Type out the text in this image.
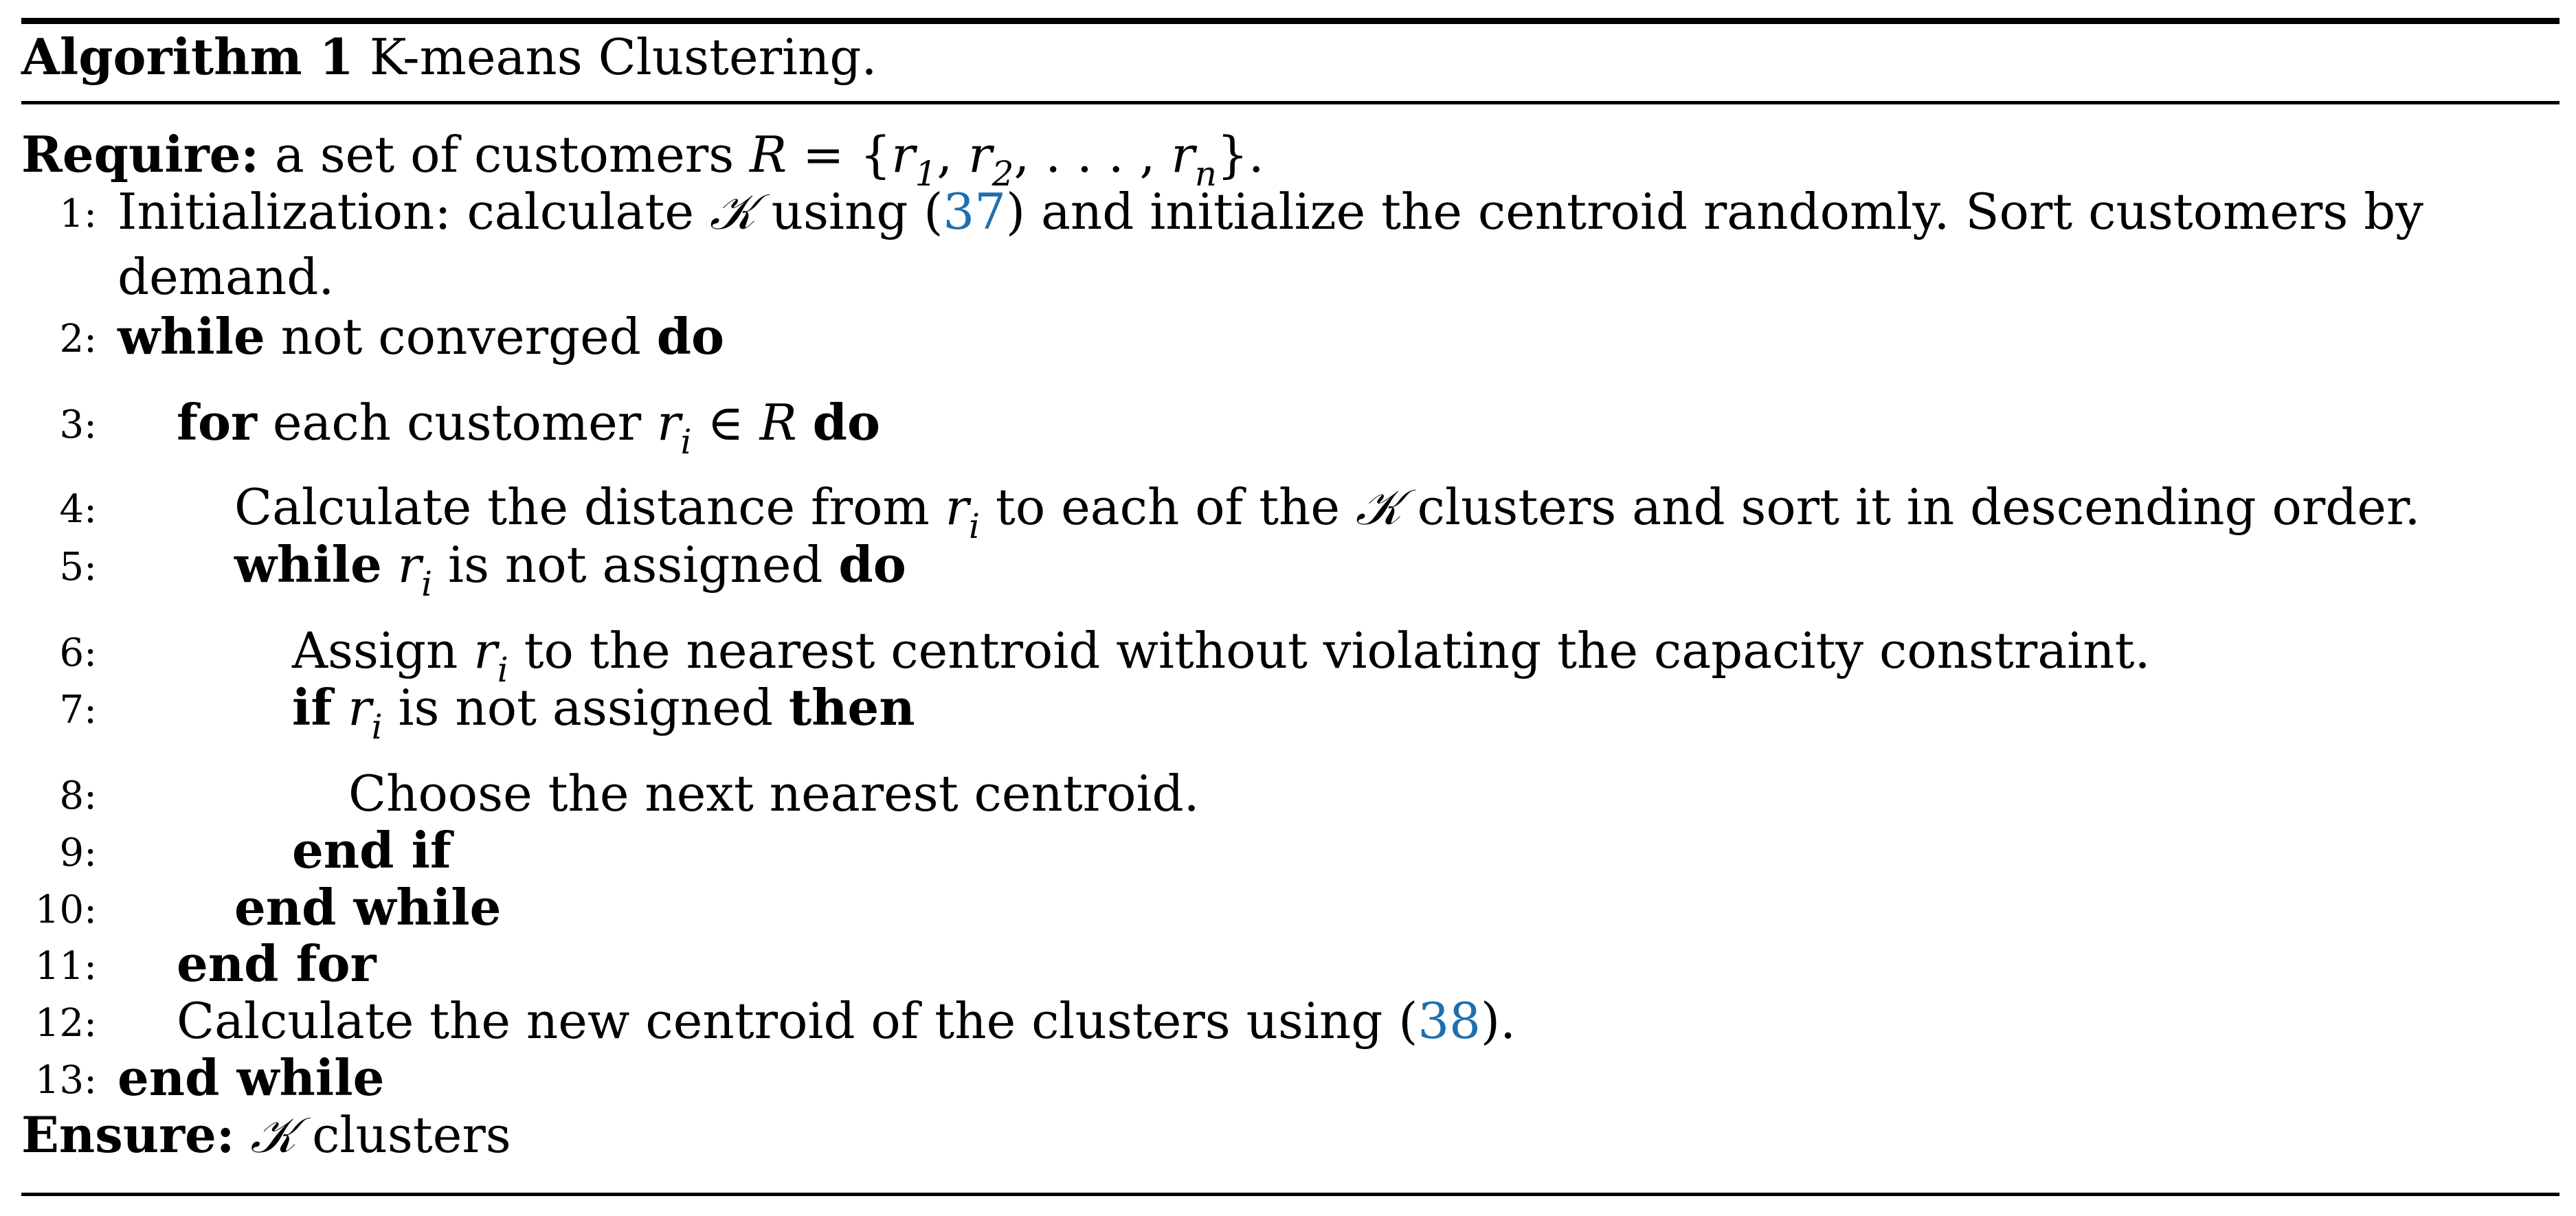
Algorithm 1 K-means Clustering.
Require: a set of customers $R = \{r_1$, $r_2$, . . . , $r_n$}.
1: Initialization: calculate 𝒦 using (37) and initialize the centroid randomly. Sort customers by
demand.
2: while not converged do
3: for each customer $r_i$ ∈ R do
4:	Calculate the distance from $r_i$ to each of the 𝒦 clusters and sort it in descending order.
5:	while $r_i$ is not assigned do
6:	Assign $r_i$ to the nearest centroid without violating the capacity constraint.
7:	if $r_i$ is not assigned then
8:	Choose the next nearest centroid.
9:	end if
10:	end while
11: end for
12: Calculate the new centroid of the clusters using (38).
13: end while
Ensure: 𝒦 clusters
